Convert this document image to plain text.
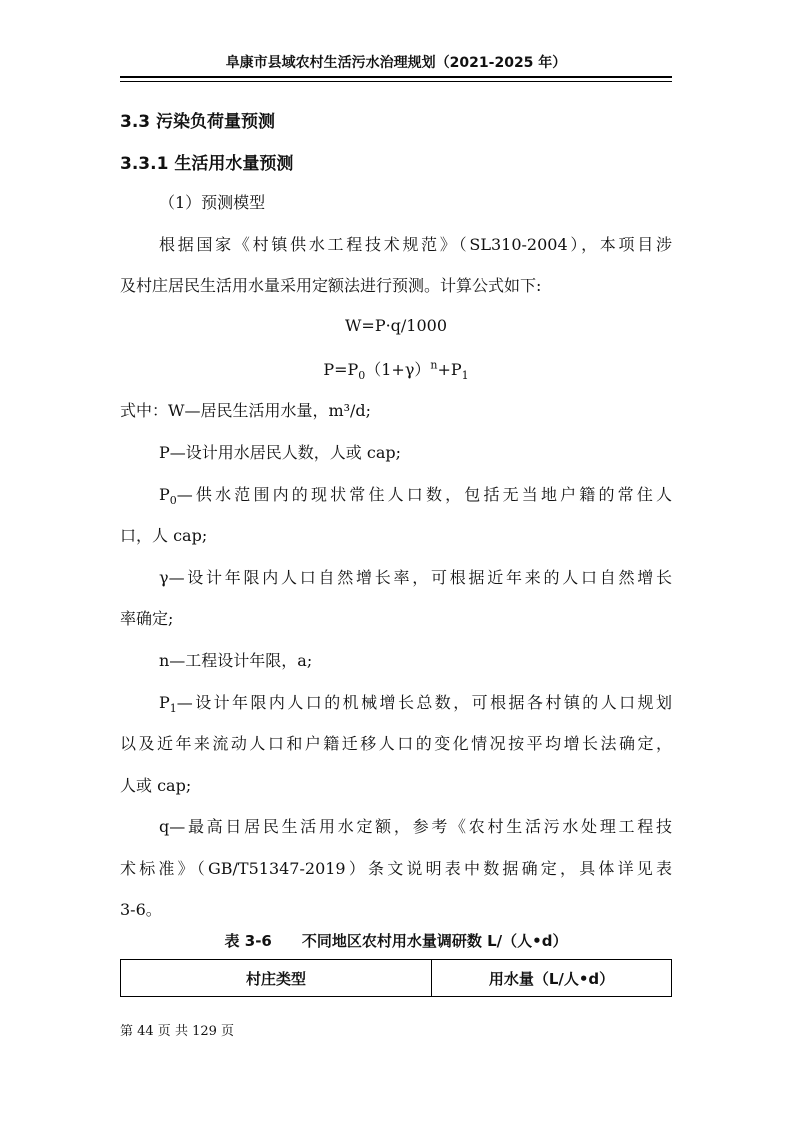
阜康市县域农村生活污水治理规划（2021-2025 年）
3.3 污染负荷量预测
3.3.1 生活用水量预测
（1）预测模型
根据国家《村镇供水工程技术规范》（SL310-2004），本项目涉
及村庄居民生活用水量采用定额法进行预测。计算公式如下:
W=P·q/1000
$P=P_0(1+\gamma)^n+P_1$
式中：W—居民生活用水量，m³/d;
P—设计用水居民人数，人或 cap;
$P_0—$供水范围内的现状常住人口数，包括无当地户籍的常住人
口，人 cap;
γ—设计年限内人口自然增长率，可根据近年来的人口自然增长
率确定;
n—工程设计年限，a;
$P_1—$设计年限内人口的机械增长总数，可根据各村镇的人口规划
以及近年来流动人口和户籍迁移人口的变化情况按平均增长法确定，
人或 cap;
q—最高日居民生活用水定额，参考《农村生活污水处理工程技
术标准》（GB/T51347-2019）条文说明表中数据确定，具体详见表
3-6。
表 3-6　　不同地区农村用水量调研数 L/（人•d）
村庄类型	用水量（L/人•d）
第 44 页 共 129 页
